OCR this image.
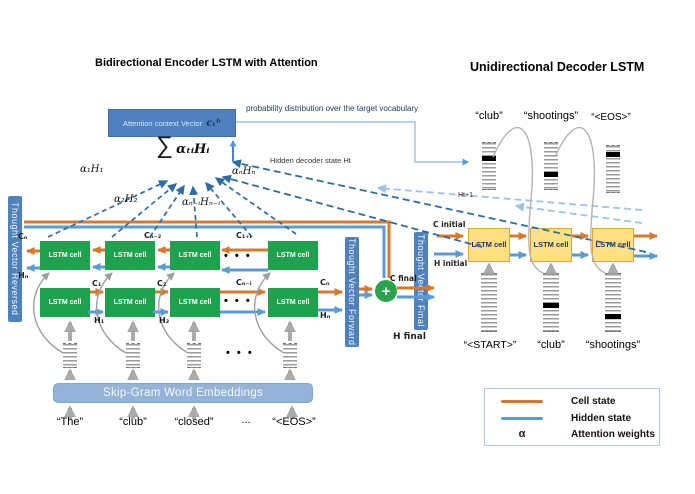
Thought Vector Reversed	Thought Vector Forward	Thought Vector Final
LSTM cell	LSTM cell	LSTM cell	LSTM cell
LSTM cell	LSTM cell	LSTM cell	LSTM cell
+
LSTM cell	LSTM cell	LSTM cell
Skip-Gram Word Embeddings
Bidirectional Encoder LSTM with Attention	Unidirectional Decoder LSTM
Attention context Vector cₜᵇ
probability distribution over the target vocabulary
∑ αₜᵢHᵢ
α₁H₁
α₂H₂	αₙ₋ᵢHₙ₋ᵢ
αₙHₙ
Hidden decoder state Ht
Ht+1
Cₙ
Hₙ
Cₙ₋₂	C₁₊ᵢ
C₁	C₂	Cₙ₋ᵢ	Cₙ
H₁	H₂
Hₙ
C final
H final
C initial
H initial
• • •
• • •
• • •
“The”	“club”	“closed”	...	“<EOS>”
“club”	“shootings”	“<EOS>”
“<START>”	“club”	“shootings”
Cell state
Hidden state
α	Attention weights
